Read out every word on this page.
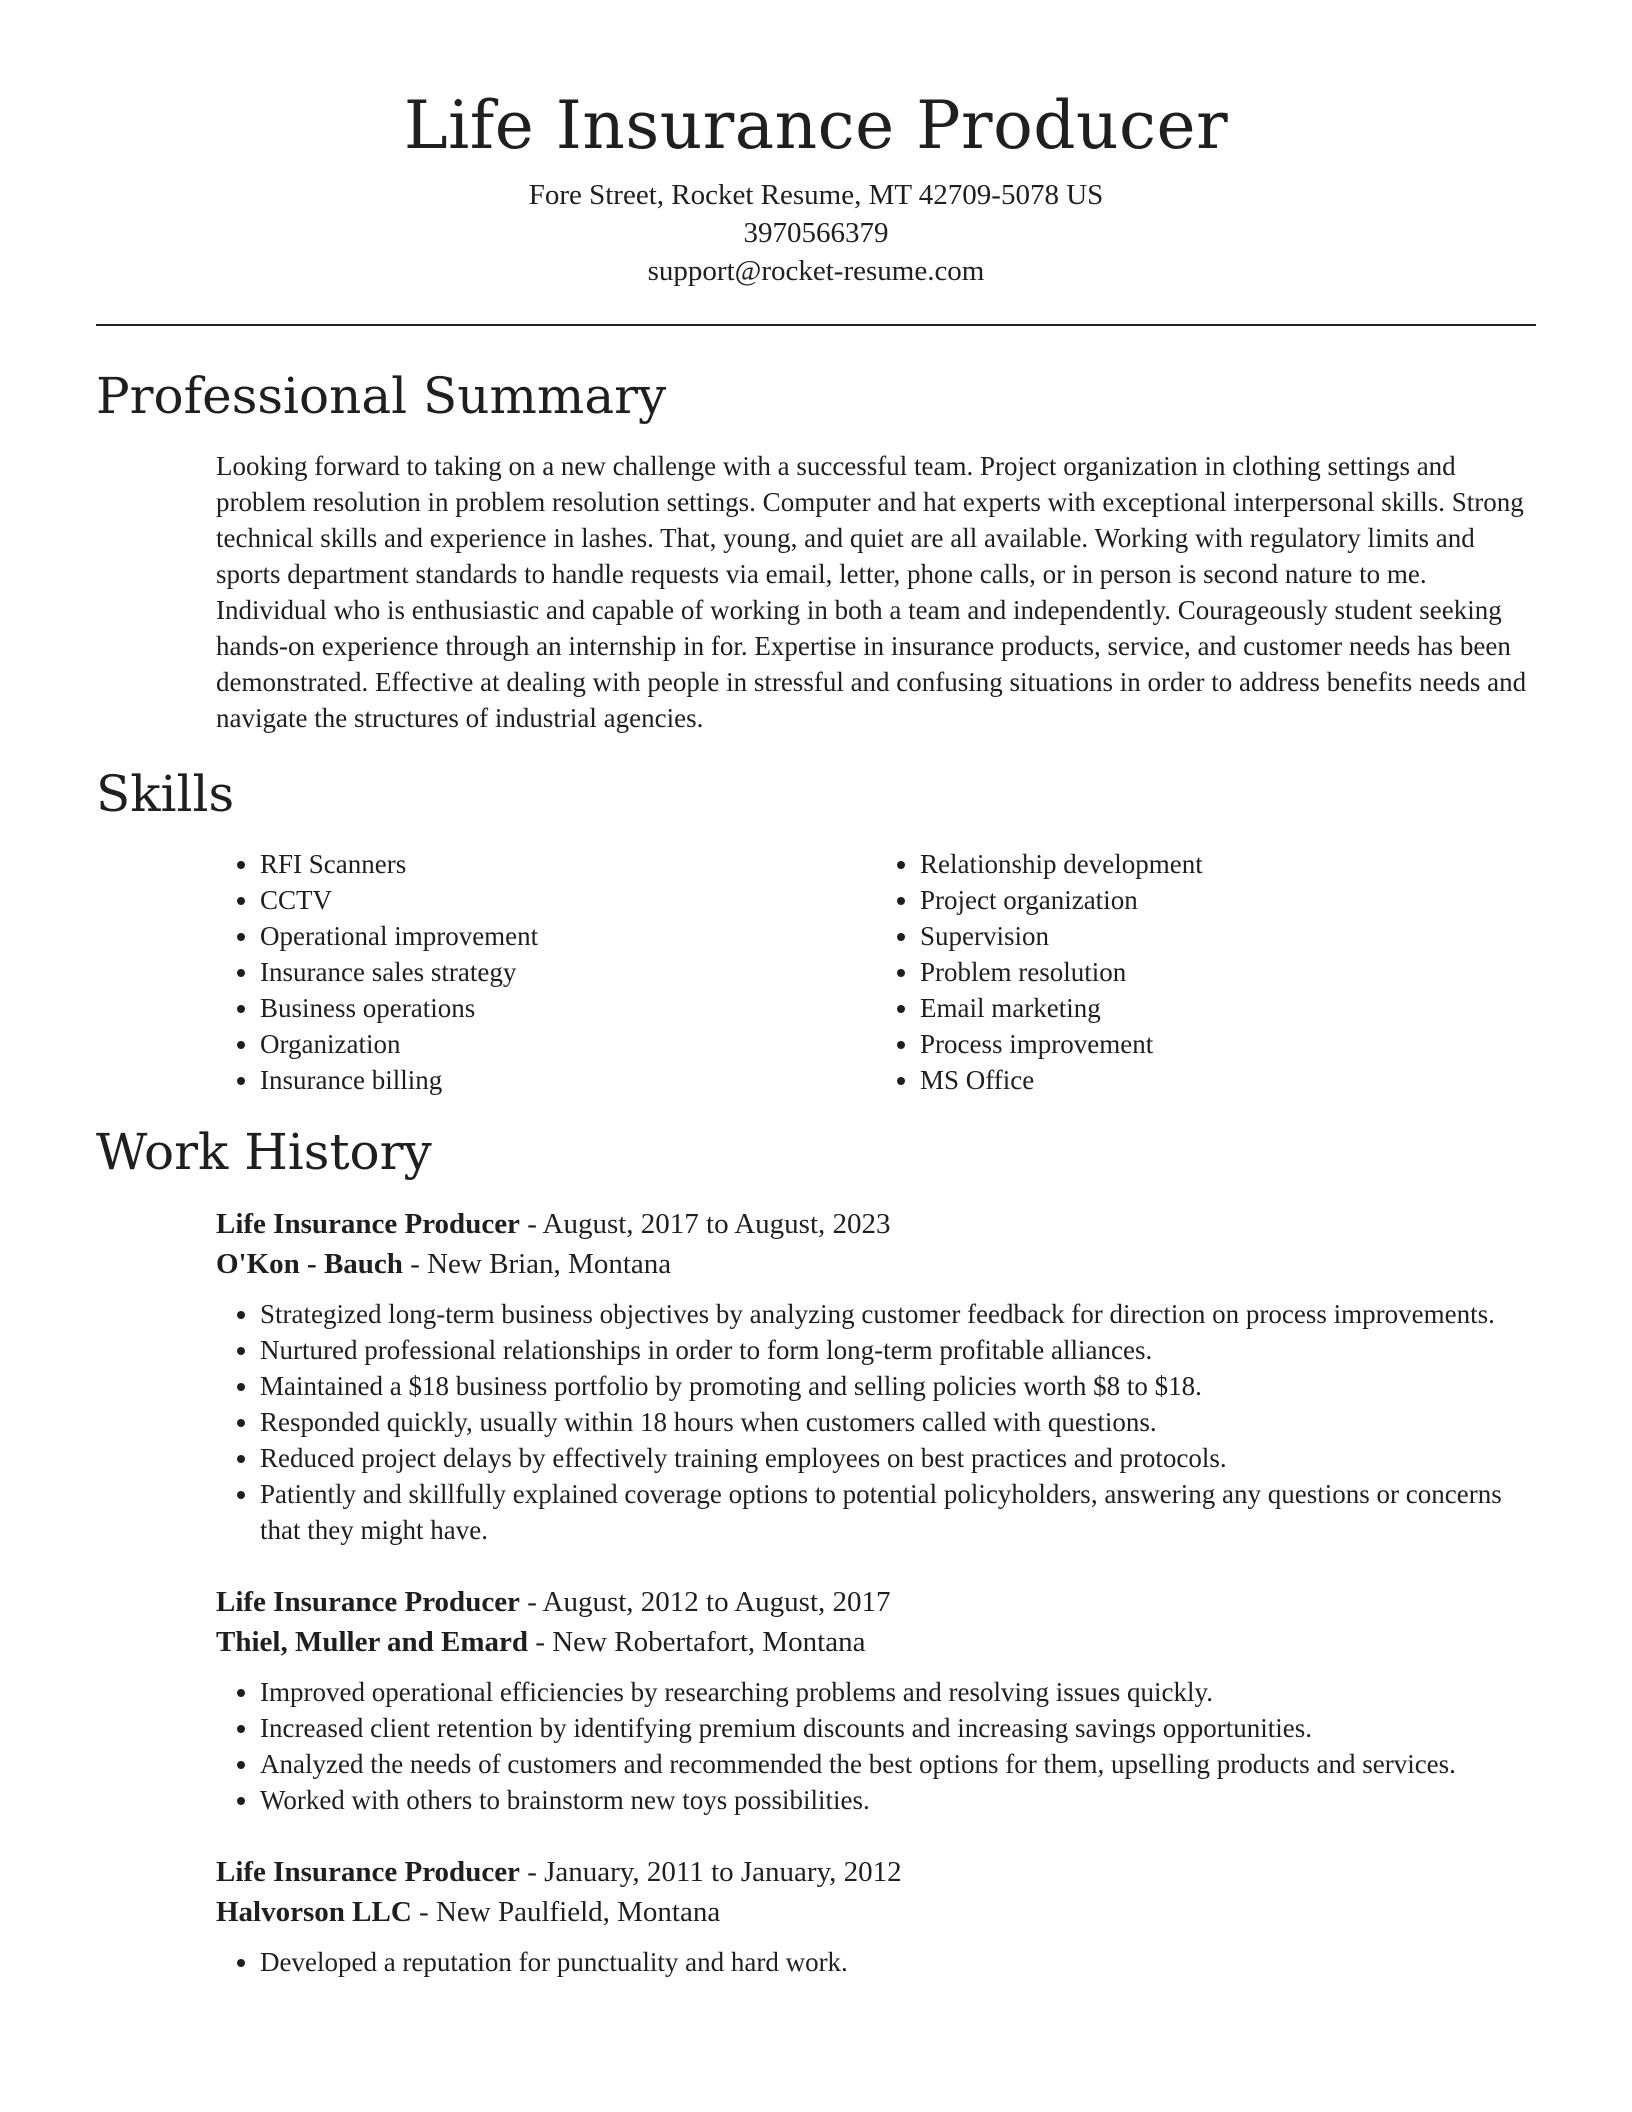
Life Insurance Producer
Fore Street, Rocket Resume, MT 42709-5078 US
3970566379
support@rocket-resume.com
Professional Summary

Looking forward to taking on a new challenge with a successful team. Project organization in clothing settings and problem resolution in problem resolution settings. Computer and hat experts with exceptional interpersonal skills. Strong technical skills and experience in lashes. That, young, and quiet are all available. Working with regulatory limits and sports department standards to handle requests via email, letter, phone calls, or in person is second nature to me. Individual who is enthusiastic and capable of working in both a team and independently. Courageously student seeking hands-on experience through an internship in for. Expertise in insurance products, service, and customer needs has been demonstrated. Effective at dealing with people in stressful and confusing situations in order to address benefits needs and navigate the structures of industrial agencies.

Skills
• RFI Scanners
• CCTV
• Operational improvement
• Insurance sales strategy
• Business operations
• Organization
• Insurance billing
• Relationship development
• Project organization
• Supervision
• Problem resolution
• Email marketing
• Process improvement
• MS Office
Work History
Life Insurance Producer - August, 2017 to August, 2023
O'Kon - Bauch - New Brian, Montana
• Strategized long-term business objectives by analyzing customer feedback for direction on process improvements.
• Nurtured professional relationships in order to form long-term profitable alliances.
• Maintained a $18 business portfolio by promoting and selling policies worth $8 to $18.
• Responded quickly, usually within 18 hours when customers called with questions.
• Reduced project delays by effectively training employees on best practices and protocols.
• Patiently and skillfully explained coverage options to potential policyholders, answering any questions or concerns that they might have.
Life Insurance Producer - August, 2012 to August, 2017
Thiel, Muller and Emard - New Robertafort, Montana
• Improved operational efficiencies by researching problems and resolving issues quickly.
• Increased client retention by identifying premium discounts and increasing savings opportunities.
• Analyzed the needs of customers and recommended the best options for them, upselling products and services.
• Worked with others to brainstorm new toys possibilities.
Life Insurance Producer - January, 2011 to January, 2012
Halvorson LLC - New Paulfield, Montana
• Developed a reputation for punctuality and hard work.
